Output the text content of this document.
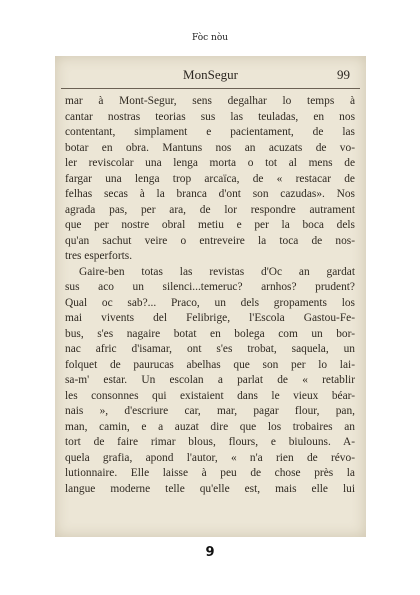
Fòc nòu
MonSegur	99
mar à Mont-Segur, sens degalhar lo temps à
cantar nostras teorias sus las teuladas, en nos
contentant, simplament e pacientament, de las
botar en obra. Mantuns nos an acuzats de vo-
ler reviscolar una lenga morta o tot al mens de
fargar una lenga trop arcaïca, de « restacar de
felhas secas à la branca d'ont son cazudas». Nos
agrada pas, per ara, de lor respondre autrament
que per nostre obral metiu e per la boca dels
qu'an sachut veire o entreveire la toca de nos-
tres esperforts.
Gaire-ben totas las revistas d'Oc an gardat
sus aco un silenci...temeruc? arnhos? prudent?
Qual oc sab?... Praco, un dels gropaments los
mai vivents del Felibrige, l'Escola Gastou-Fe-
bus, s'es nagaire botat en bolega com un bor-
nac afric d'isamar, ont s'es trobat, saquela, un
folquet de paurucas abelhas que son per lo lai-
sa-m' estar. Un escolan a parlat de « retablir
les consonnes qui existaient dans le vieux béar-
nais », d'escriure car, mar, pagar flour, pan,
man, camin, e a auzat dire que los trobaires an
tort de faire rimar blous, flours, e biulouns. A-
quela grafia, apond l'autor, « n'a rien de révo-
lutionnaire. Elle laisse à peu de chose près la
langue moderne telle qu'elle est, mais elle lui
9
